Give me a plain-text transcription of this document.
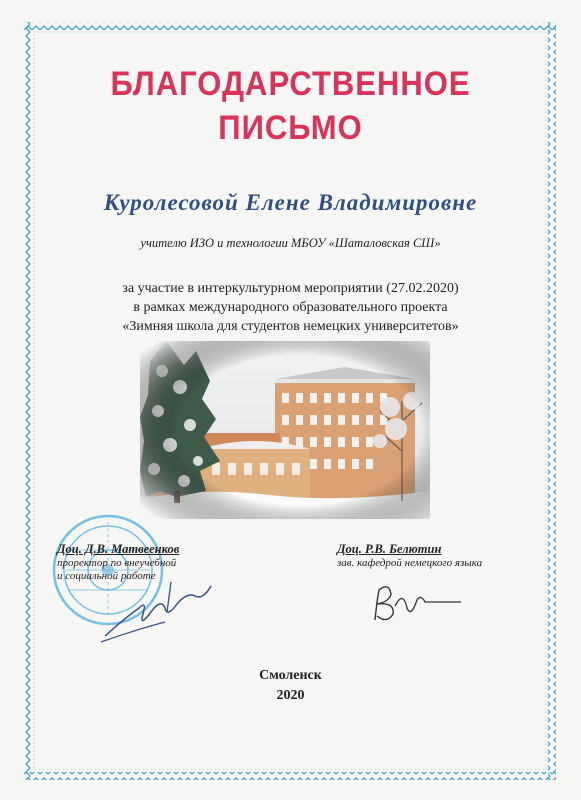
БЛАГОДАРСТВЕННОЕ
ПИСЬМО
Куролесовой Елене Владимировне
учителю ИЗО и технологии МБОУ «Шаталовская СШ»
за участие в интеркультурном мероприятии (27.02.2020)
в рамках международного образовательного проекта
«Зимняя школа для студентов немецких университетов»
Доц. Д.В. Матвеенков
проректор по внеучебной
и социальной работе
Доц. Р.В. Белютин
зав. кафедрой немецкого языка
Смоленск
2020
